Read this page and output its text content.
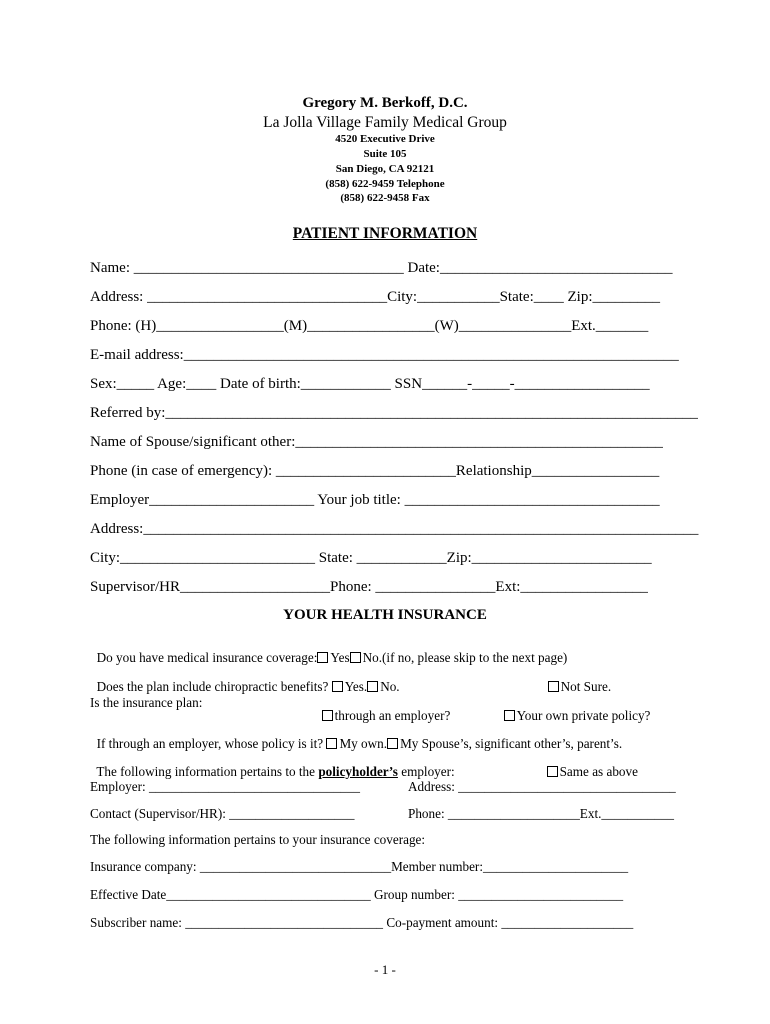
Gregory M. Berkoff, D.C.
La Jolla Village Family Medical Group
4520 Executive Drive
Suite 105
San Diego, CA 92121
(858) 622-9459 Telephone
(858) 622-9458 Fax
PATIENT INFORMATION
Name: ____________________________________ Date:_______________________________
Address: ________________________________City:___________State:____ Zip:_________
Phone: (H)_________________(M)_________________(W)_______________Ext._______
E-mail address:__________________________________________________________________
Sex:_____ Age:____ Date of birth:____________ SSN______-_____-__________________
Referred by:_______________________________________________________________________
Name of Spouse/significant other:_________________________________________________
Phone (in case of emergency): ________________________Relationship_________________
Employer______________________ Your job title: __________________________________
Address:__________________________________________________________________________
City:__________________________ State: ____________Zip:________________________
Supervisor/HR____________________Phone: ________________Ext:_________________
YOUR HEALTH INSURANCE

Do you have medical insurance coverage: Yes No.(if no, please skip to the next page)

Does the plan include chiropractic benefits? Yes. No.	Not Sure.

Is the insurance plan:

through an employer?	Your own private policy?

If through an employer, whose policy is it? My own. My Spouse’s, significant other’s, parent’s.

The following information pertains to the policyholder’s employer:	Same as above

Employer: ________________________________	Address: _________________________________
Contact (Supervisor/HR): ___________________	Phone: ____________________Ext.___________
The following information pertains to your insurance coverage:
Insurance company: _____________________________Member number:______________________
Effective Date_______________________________ Group number: _________________________
Subscriber name: ______________________________ Co-payment amount: ____________________
- 1 -
